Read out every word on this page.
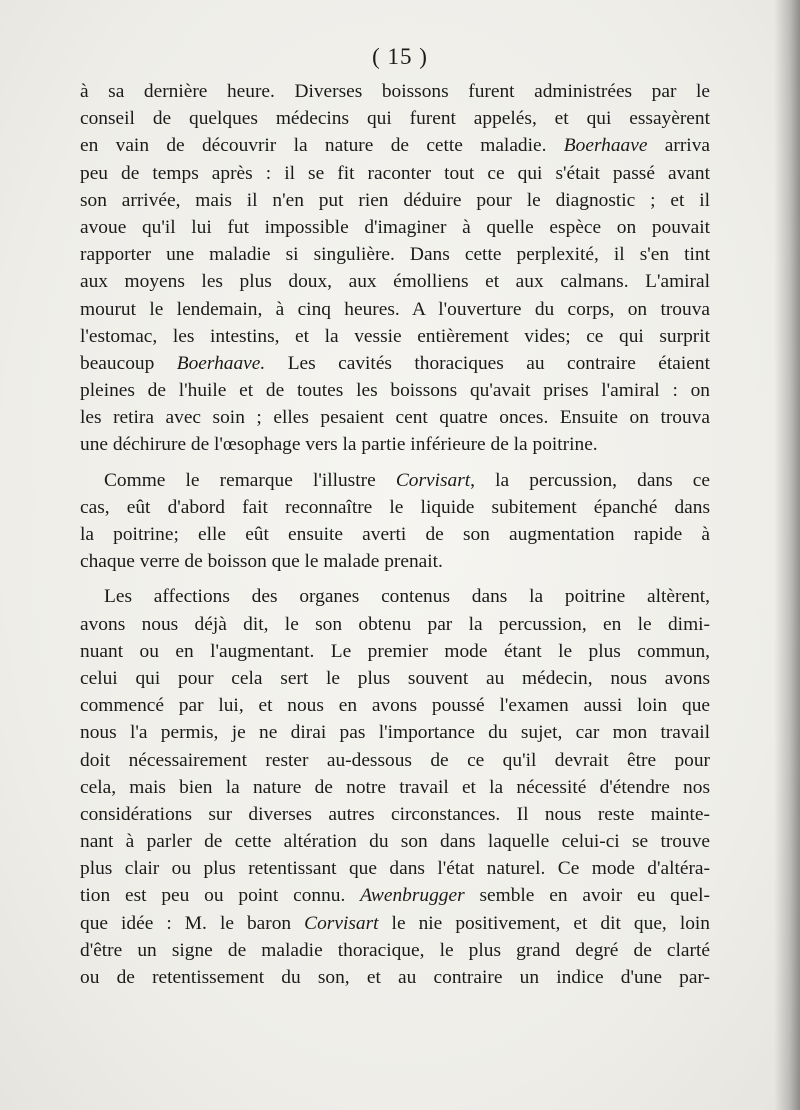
( 15 )
à sa dernière heure. Diverses boissons furent administrées par le
conseil de quelques médecins qui furent appelés, et qui essayèrent
en vain de découvrir la nature de cette maladie. Boerhaave arriva
peu de temps après : il se fit raconter tout ce qui s'était passé avant
son arrivée, mais il n'en put rien déduire pour le diagnostic ; et il
avoue qu'il lui fut impossible d'imaginer à quelle espèce on pouvait
rapporter une maladie si singulière. Dans cette perplexité, il s'en tint
aux moyens les plus doux, aux émolliens et aux calmans. L'amiral
mourut le lendemain, à cinq heures. A l'ouverture du corps, on trouva
l'estomac, les intestins, et la vessie entièrement vides; ce qui surprit
beaucoup Boerhaave. Les cavités thoraciques au contraire étaient
pleines de l'huile et de toutes les boissons qu'avait prises l'amiral : on
les retira avec soin ; elles pesaient cent quatre onces. Ensuite on trouva
une déchirure de l'œsophage vers la partie inférieure de la poitrine.
Comme le remarque l'illustre Corvisart, la percussion, dans ce
cas, eût d'abord fait reconnaître le liquide subitement épanché dans
la poitrine; elle eût ensuite averti de son augmentation rapide à
chaque verre de boisson que le malade prenait.
Les affections des organes contenus dans la poitrine altèrent,
avons nous déjà dit, le son obtenu par la percussion, en le dimi-
nuant ou en l'augmentant. Le premier mode étant le plus commun,
celui qui pour cela sert le plus souvent au médecin, nous avons
commencé par lui, et nous en avons poussé l'examen aussi loin que
nous l'a permis, je ne dirai pas l'importance du sujet, car mon travail
doit nécessairement rester au-dessous de ce qu'il devrait être pour
cela, mais bien la nature de notre travail et la nécessité d'étendre nos
considérations sur diverses autres circonstances. Il nous reste mainte-
nant à parler de cette altération du son dans laquelle celui-ci se trouve
plus clair ou plus retentissant que dans l'état naturel. Ce mode d'altéra-
tion est peu ou point connu. Awenbrugger semble en avoir eu quel-
que idée : M. le baron Corvisart le nie positivement, et dit que, loin
d'être un signe de maladie thoracique, le plus grand degré de clarté
ou de retentissement du son, et au contraire un indice d'une par-
